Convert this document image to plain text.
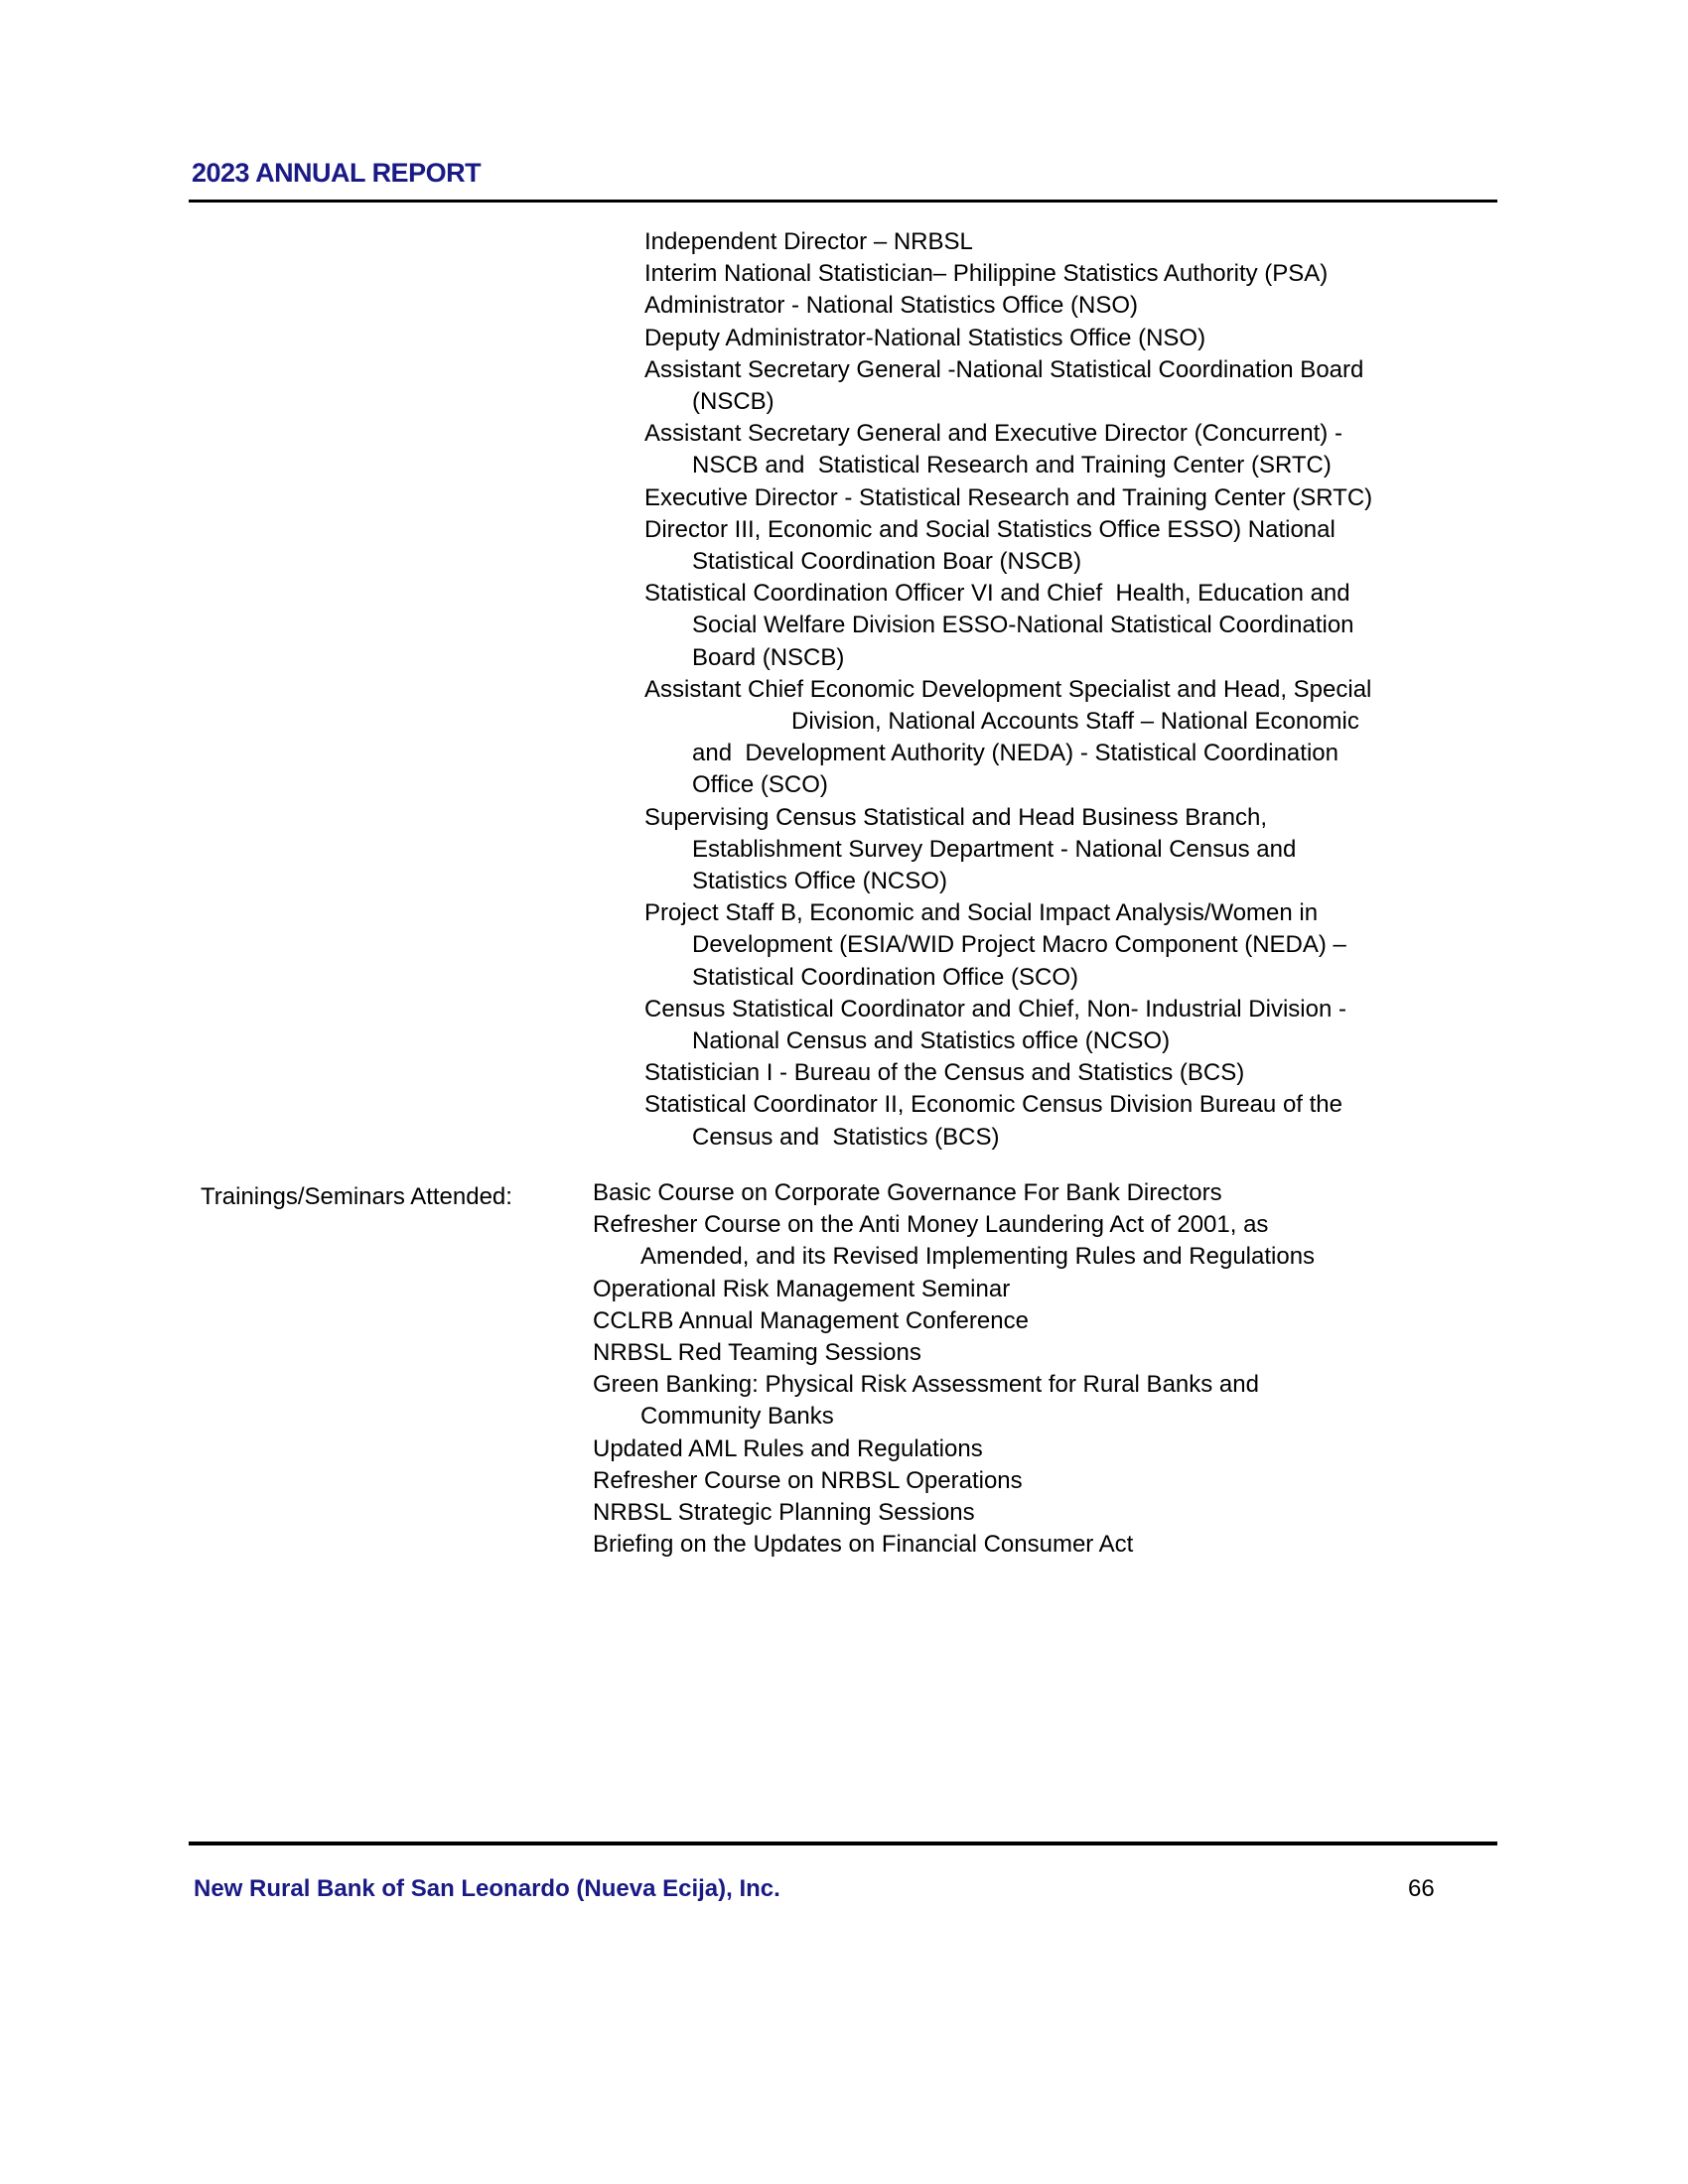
2023 ANNUAL REPORT
Independent Director – NRBSL
Interim National Statistician– Philippine Statistics Authority (PSA)
Administrator - National Statistics Office (NSO)
Deputy Administrator-National Statistics Office (NSO)
Assistant Secretary General -National Statistical Coordination Board
(NSCB)
Assistant Secretary General and Executive Director (Concurrent) -
NSCB and  Statistical Research and Training Center (SRTC)
Executive Director - Statistical Research and Training Center (SRTC)
Director III, Economic and Social Statistics Office ESSO) National
Statistical Coordination Boar (NSCB)
Statistical Coordination Officer VI and Chief  Health, Education and
Social Welfare Division ESSO-National Statistical Coordination
Board (NSCB)
Assistant Chief Economic Development Specialist and Head, Special
Division, National Accounts Staff – National Economic
and  Development Authority (NEDA) - Statistical Coordination
Office (SCO)
Supervising Census Statistical and Head Business Branch,
Establishment Survey Department - National Census and
Statistics Office (NCSO)
Project Staff B, Economic and Social Impact Analysis/Women in
Development (ESIA/WID Project Macro Component (NEDA) –
Statistical Coordination Office (SCO)
Census Statistical Coordinator and Chief, Non- Industrial Division -
National Census and Statistics office (NCSO)
Statistician I - Bureau of the Census and Statistics (BCS)
Statistical Coordinator II, Economic Census Division Bureau of the
Census and  Statistics (BCS)
Trainings/Seminars Attended:	Basic Course on Corporate Governance For Bank Directors
Refresher Course on the Anti Money Laundering Act of 2001, as
Amended, and its Revised Implementing Rules and Regulations
Operational Risk Management Seminar
CCLRB Annual Management Conference
NRBSL Red Teaming Sessions
Green Banking: Physical Risk Assessment for Rural Banks and
Community Banks
Updated AML Rules and Regulations
Refresher Course on NRBSL Operations
NRBSL Strategic Planning Sessions
Briefing on the Updates on Financial Consumer Act
New Rural Bank of San Leonardo (Nueva Ecija), Inc.	66
